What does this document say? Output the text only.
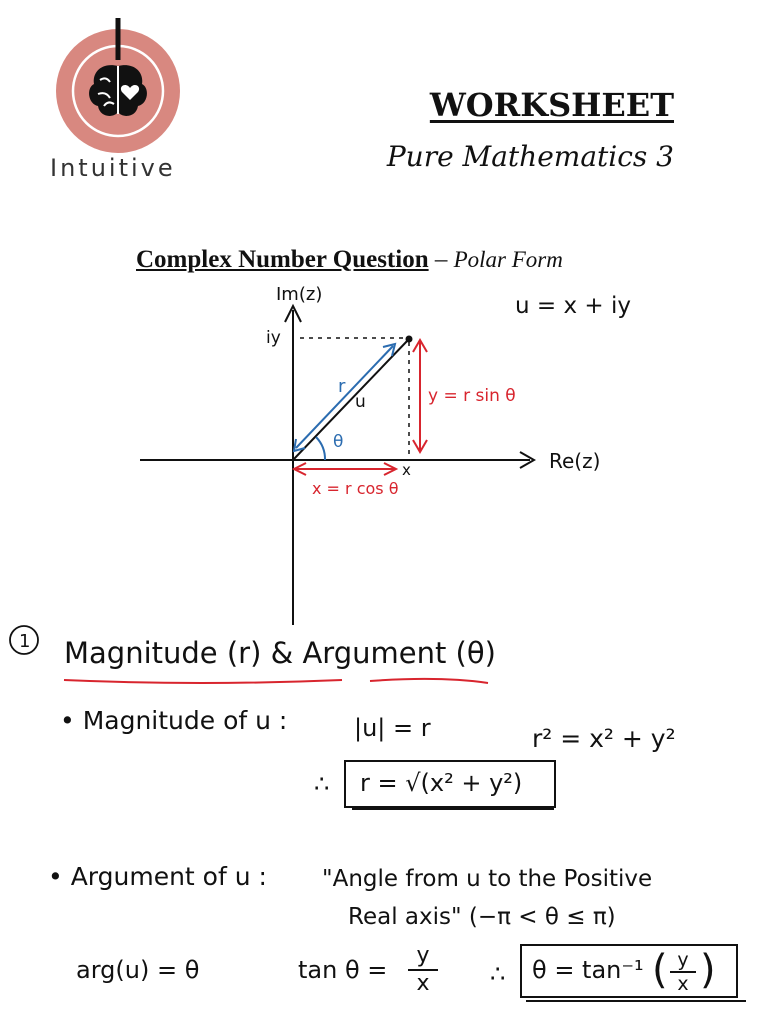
Intuitive
WORKSHEET
Pure Mathematics 3
Complex Number Question – Polar Form
Im(z)
Re(z)
iy
x
r
u
θ
y = r sin θ
x = r cos θ
u = x + iy
1 Magnitude (r) & Argument (θ)
• Magnitude of u :	|u| = r	r² = x² + y²
∴ r = √(x² + y²)
• Argument of u : "Angle from u to the Positive
Real axis" (−π < θ ≤ π)
arg(u) = θ	tan θ =
y
x	∴ θ = tan⁻¹ ( y
x )
